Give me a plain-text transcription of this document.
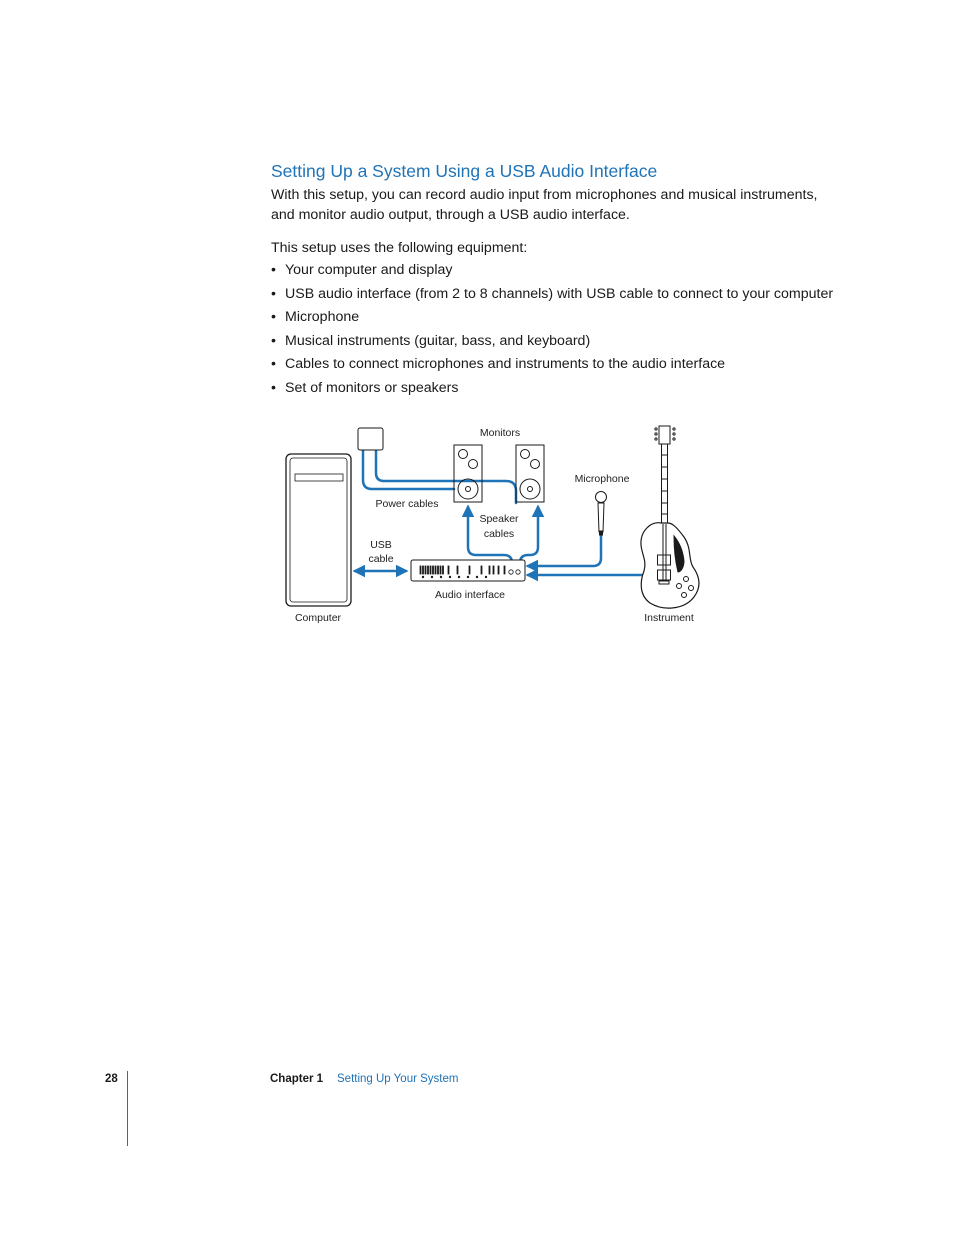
Setting Up a System Using a USB Audio Interface

With this setup, you can record audio input from microphones and musical instruments, and monitor audio output, through a USB audio interface.

This setup uses the following equipment:

• Your computer and display
• USB audio interface (from 2 to 8 channels) with USB cable to connect to your computer
• Microphone
• Musical instruments (guitar, bass, and keyboard)
• Cables to connect microphones and instruments to the audio interface
• Set of monitors or speakers
Monitors
Microphone
Power cables
Speaker
cables
USB
cable
Audio interface
Computer	Instrument
28	Chapter 1 Setting Up Your System
